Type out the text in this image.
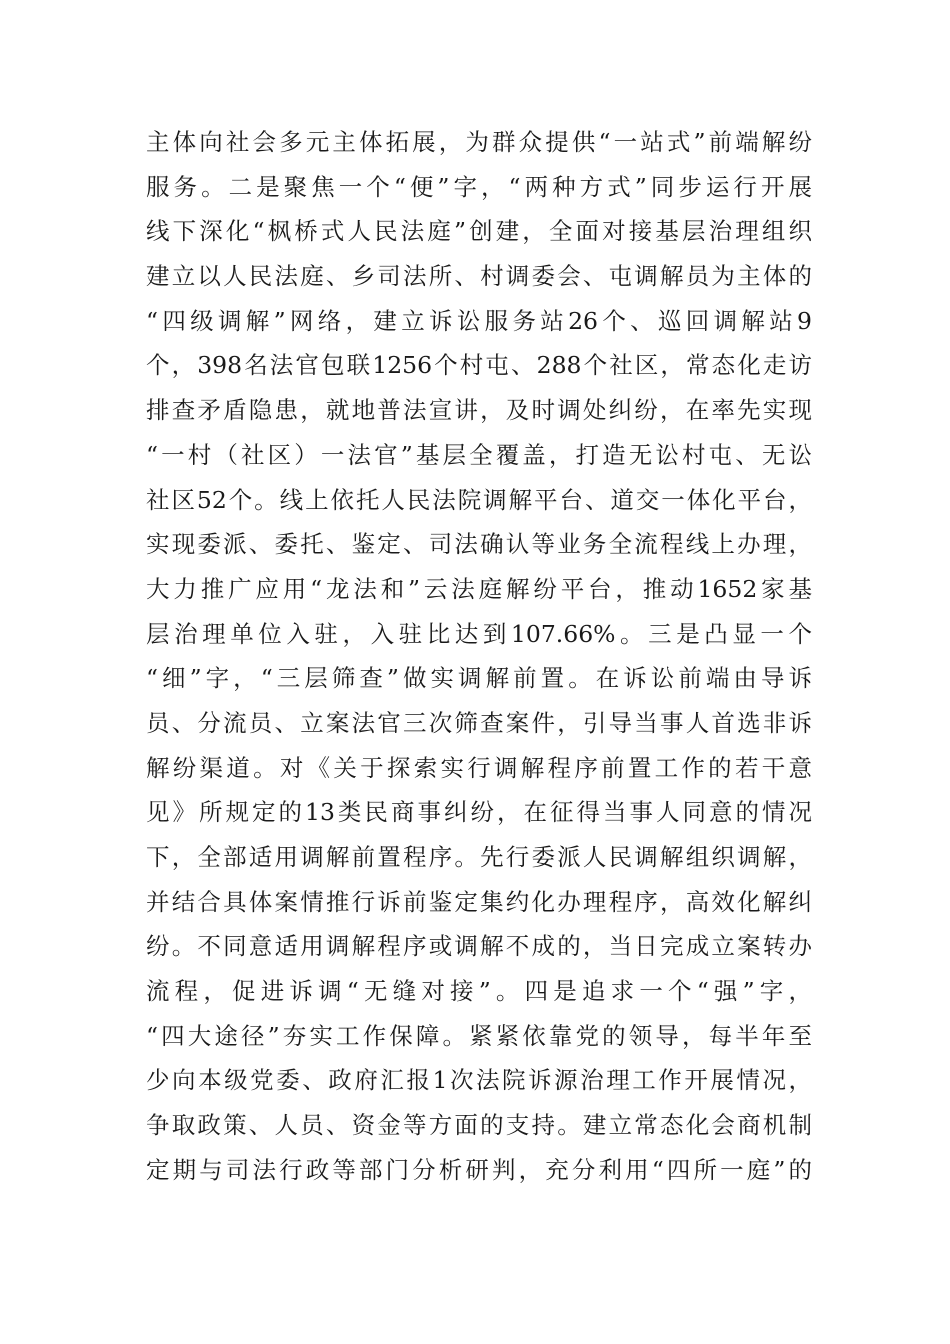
主体向社会多元主体拓展，为群众提供“一站式”前端解纷
服务。二是聚焦一个“便”字，“两种方式”同步运行开展
线下深化“枫桥式人民法庭”创建，全面对接基层治理组织
建立以人民法庭、乡司法所、村调委会、屯调解员为主体的
“四级调解”网络，建立诉讼服务站26个、巡回调解站9
个，398名法官包联1256个村屯、288个社区，常态化走访
排查矛盾隐患，就地普法宣讲，及时调处纠纷，在率先实现
“一村（社区）一法官”基层全覆盖，打造无讼村屯、无讼
社区52个。线上依托人民法院调解平台、道交一体化平台，
实现委派、委托、鉴定、司法确认等业务全流程线上办理，
大力推广应用“龙法和”云法庭解纷平台，推动1652家基
层治理单位入驻，入驻比达到107.66%。三是凸显一个
“细”字，“三层筛查”做实调解前置。在诉讼前端由导诉
员、分流员、立案法官三次筛查案件，引导当事人首选非诉
解纷渠道。对《关于探索实行调解程序前置工作的若干意
见》所规定的13类民商事纠纷，在征得当事人同意的情况
下，全部适用调解前置程序。先行委派人民调解组织调解，
并结合具体案情推行诉前鉴定集约化办理程序，高效化解纠
纷。不同意适用调解程序或调解不成的，当日完成立案转办
流程，促进诉调“无缝对接”。四是追求一个“强”字，
“四大途径”夯实工作保障。紧紧依靠党的领导，每半年至
少向本级党委、政府汇报1次法院诉源治理工作开展情况，
争取政策、人员、资金等方面的支持。建立常态化会商机制
定期与司法行政等部门分析研判，充分利用“四所一庭”的
